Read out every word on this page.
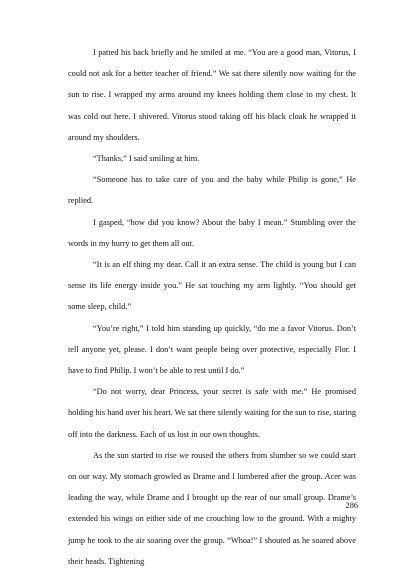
I patted his back briefly and he smiled at me. “You are a good man, Vitorus, I could not ask for a better teacher of friend.” We sat there silently now waiting for the sun to rise. I wrapped my arms around my knees holding them close to my chest. It was cold out here. I shivered. Vitorus stood taking off his black cloak he wrapped it around my shoulders.

“Thanks,” I said smiling at him.

“Someone has to take care of you and the baby while Philip is gone,” He replied.

I gasped, “how did you know? About the baby I mean.” Stumbling over the words in my hurry to get them all out.

“It is an elf thing my dear. Call it an extra sense. The child is young but I can sense its life energy inside you.” He sat touching my arm lightly. “You should get some sleep, child.”

“You’re right,” I told him standing up quickly, “do me a favor Vitorus. Don’t tell anyone yet, please. I don’t want people being over protective, especially Flor. I have to find Philip. I won’t be able to rest until I do.”

“Do not worry, dear Princess, your secret is safe with me.” He promised holding his hand over his heart. We sat there silently waiting for the sun to rise, staring off into the darkness. Each of us lost in our own thoughts.

As the sun started to rise we roused the others from slumber so we could start on our way. My stomach growled as Drame and I lumbered after the group. Acer was leading the way, while Drame and I brought up the rear of our small group. Drame’s extended his wings on either side of me crouching low to the ground. With a mighty jump he took to the air soaring over the group. “Whoa!” I shouted as he soared above their heads. Tightening

286
